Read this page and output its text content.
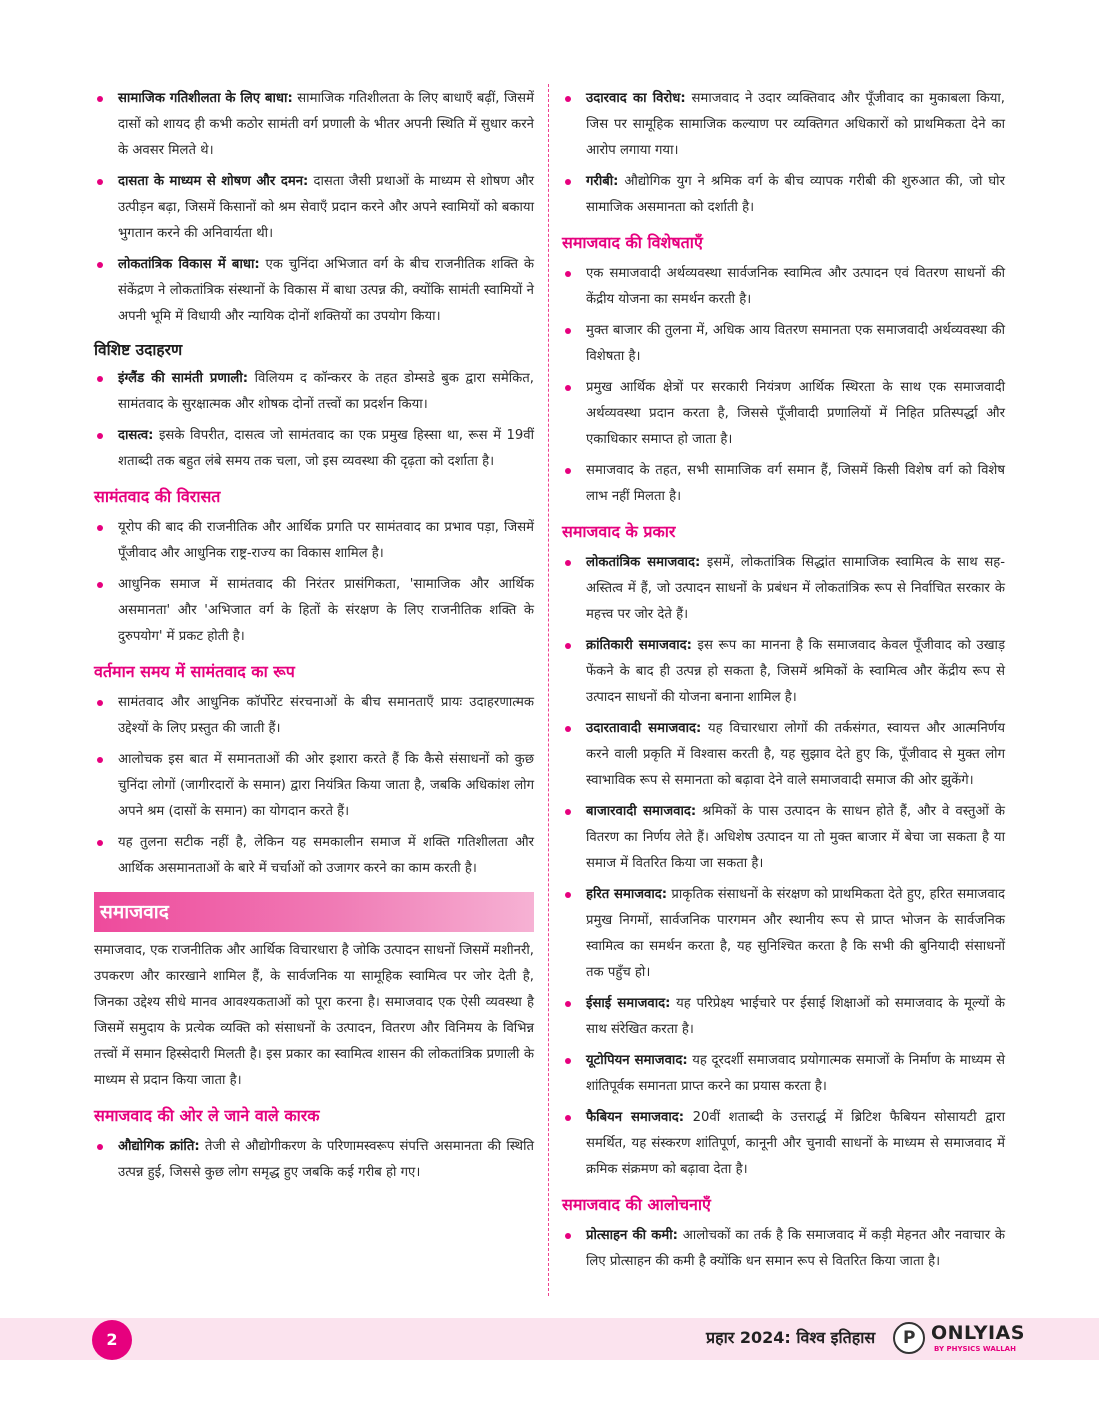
सामाजिक गतिशीलता के लिए बाधा: सामाजिक गतिशीलता के लिए बाधाएँ बढ़ीं, जिसमें दासों को शायद ही कभी कठोर सामंती वर्ग प्रणाली के भीतर अपनी स्थिति में सुधार करने के अवसर मिलते थे।
दासता के माध्यम से शोषण और दमन: दासता जैसी प्रथाओं के माध्यम से शोषण और उत्पीड़न बढ़ा, जिसमें किसानों को श्रम सेवाएँ प्रदान करने और अपने स्वामियों को बकाया भुगतान करने की अनिवार्यता थी।
लोकतांत्रिक विकास में बाधा: एक चुनिंदा अभिजात वर्ग के बीच राजनीतिक शक्ति के संकेंद्रण ने लोकतांत्रिक संस्थानों के विकास में बाधा उत्पन्न की, क्योंकि सामंती स्वामियों ने अपनी भूमि में विधायी और न्यायिक दोनों शक्तियों का उपयोग किया।
विशिष्ट उदाहरण
इंग्लैंड की सामंती प्रणाली: विलियम द कॉन्करर के तहत डोम्सडे बुक द्वारा समेकित, सामंतवाद के सुरक्षात्मक और शोषक दोनों तत्त्वों का प्रदर्शन किया।
दासत्व: इसके विपरीत, दासत्व जो सामंतवाद का एक प्रमुख हिस्सा था, रूस में 19वीं शताब्दी तक बहुत लंबे समय तक चला, जो इस व्यवस्था की दृढ़ता को दर्शाता है।
सामंतवाद की विरासत
यूरोप की बाद की राजनीतिक और आर्थिक प्रगति पर सामंतवाद का प्रभाव पड़ा, जिसमें पूँजीवाद और आधुनिक राष्ट्र-राज्य का विकास शामिल है।
आधुनिक समाज में सामंतवाद की निरंतर प्रासंगिकता, 'सामाजिक और आर्थिक असमानता' और 'अभिजात वर्ग के हितों के संरक्षण के लिए राजनीतिक शक्ति के दुरुपयोग' में प्रकट होती है।
वर्तमान समय में सामंतवाद का रूप
सामंतवाद और आधुनिक कॉर्पोरेट संरचनाओं के बीच समानताएँ प्रायः उदाहरणात्मक उद्देश्यों के लिए प्रस्तुत की जाती हैं।
आलोचक इस बात में समानताओं की ओर इशारा करते हैं कि कैसे संसाधनों को कुछ चुनिंदा लोगों (जागीरदारों के समान) द्वारा नियंत्रित किया जाता है, जबकि अधिकांश लोग अपने श्रम (दासों के समान) का योगदान करते हैं।
यह तुलना सटीक नहीं है, लेकिन यह समकालीन समाज में शक्ति गतिशीलता और आर्थिक असमानताओं के बारे में चर्चाओं को उजागर करने का काम करती है।
समाजवाद

समाजवाद, एक राजनीतिक और आर्थिक विचारधारा है जोकि उत्पादन साधनों जिसमें मशीनरी, उपकरण और कारखाने शामिल हैं, के सार्वजनिक या सामूहिक स्वामित्व पर जोर देती है, जिनका उद्देश्य सीधे मानव आवश्यकताओं को पूरा करना है। समाजवाद एक ऐसी व्यवस्था है जिसमें समुदाय के प्रत्येक व्यक्ति को संसाधनों के उत्पादन, वितरण और विनिमय के विभिन्न तत्त्वों में समान हिस्सेदारी मिलती है। इस प्रकार का स्वामित्व शासन की लोकतांत्रिक प्रणाली के माध्यम से प्रदान किया जाता है।

समाजवाद की ओर ले जाने वाले कारक
औद्योगिक क्रांति: तेजी से औद्योगीकरण के परिणामस्वरूप संपत्ति असमानता की स्थिति उत्पन्न हुई, जिससे कुछ लोग समृद्ध हुए जबकि कई गरीब हो गए।
उदारवाद का विरोध: समाजवाद ने उदार व्यक्तिवाद और पूँजीवाद का मुकाबला किया, जिस पर सामूहिक सामाजिक कल्याण पर व्यक्तिगत अधिकारों को प्राथमिकता देने का आरोप लगाया गया।
गरीबी: औद्योगिक युग ने श्रमिक वर्ग के बीच व्यापक गरीबी की शुरुआत की, जो घोर सामाजिक असमानता को दर्शाती है।
समाजवाद की विशेषताएँ
एक समाजवादी अर्थव्यवस्था सार्वजनिक स्वामित्व और उत्पादन एवं वितरण साधनों की केंद्रीय योजना का समर्थन करती है।
मुक्त बाजार की तुलना में, अधिक आय वितरण समानता एक समाजवादी अर्थव्यवस्था की विशेषता है।
प्रमुख आर्थिक क्षेत्रों पर सरकारी नियंत्रण आर्थिक स्थिरता के साथ एक समाजवादी अर्थव्यवस्था प्रदान करता है, जिससे पूँजीवादी प्रणालियों में निहित प्रतिस्पर्द्धा और एकाधिकार समाप्त हो जाता है।
समाजवाद के तहत, सभी सामाजिक वर्ग समान हैं, जिसमें किसी विशेष वर्ग को विशेष लाभ नहीं मिलता है।
समाजवाद के प्रकार
लोकतांत्रिक समाजवाद: इसमें, लोकतांत्रिक सिद्धांत सामाजिक स्वामित्व के साथ सह-अस्तित्व में हैं, जो उत्पादन साधनों के प्रबंधन में लोकतांत्रिक रूप से निर्वाचित सरकार के महत्त्व पर जोर देते हैं।
क्रांतिकारी समाजवाद: इस रूप का मानना है कि समाजवाद केवल पूँजीवाद को उखाड़ फेंकने के बाद ही उत्पन्न हो सकता है, जिसमें श्रमिकों के स्वामित्व और केंद्रीय रूप से उत्पादन साधनों की योजना बनाना शामिल है।
उदारतावादी समाजवाद: यह विचारधारा लोगों की तर्कसंगत, स्वायत्त और आत्मनिर्णय करने वाली प्रकृति में विश्वास करती है, यह सुझाव देते हुए कि, पूँजीवाद से मुक्त लोग स्वाभाविक रूप से समानता को बढ़ावा देने वाले समाजवादी समाज की ओर झुकेंगे।
बाजारवादी समाजवाद: श्रमिकों के पास उत्पादन के साधन होते हैं, और वे वस्तुओं के वितरण का निर्णय लेते हैं। अधिशेष उत्पादन या तो मुक्त बाजार में बेचा जा सकता है या समाज में वितरित किया जा सकता है।
हरित समाजवाद: प्राकृतिक संसाधनों के संरक्षण को प्राथमिकता देते हुए, हरित समाजवाद प्रमुख निगमों, सार्वजनिक पारगमन और स्थानीय रूप से प्राप्त भोजन के सार्वजनिक स्वामित्व का समर्थन करता है, यह सुनिश्चित करता है कि सभी की बुनियादी संसाधनों तक पहुँच हो।
ईसाई समाजवाद: यह परिप्रेक्ष्य भाईचारे पर ईसाई शिक्षाओं को समाजवाद के मूल्यों के साथ संरेखित करता है।
यूटोपियन समाजवाद: यह दूरदर्शी समाजवाद प्रयोगात्मक समाजों के निर्माण के माध्यम से शांतिपूर्वक समानता प्राप्त करने का प्रयास करता है।
फैबियन समाजवाद: 20वीं शताब्दी के उत्तरार्द्ध में ब्रिटिश फैबियन सोसायटी द्वारा समर्थित, यह संस्करण शांतिपूर्ण, कानूनी और चुनावी साधनों के माध्यम से समाजवाद में क्रमिक संक्रमण को बढ़ावा देता है।
समाजवाद की आलोचनाएँ
प्रोत्साहन की कमी: आलोचकों का तर्क है कि समाजवाद में कड़ी मेहनत और नवाचार के लिए प्रोत्साहन की कमी है क्योंकि धन समान रूप से वितरित किया जाता है।
2	प्रहार 2024: विश्व इतिहास
P	ONLYIAS
BY PHYSICS WALLAH
